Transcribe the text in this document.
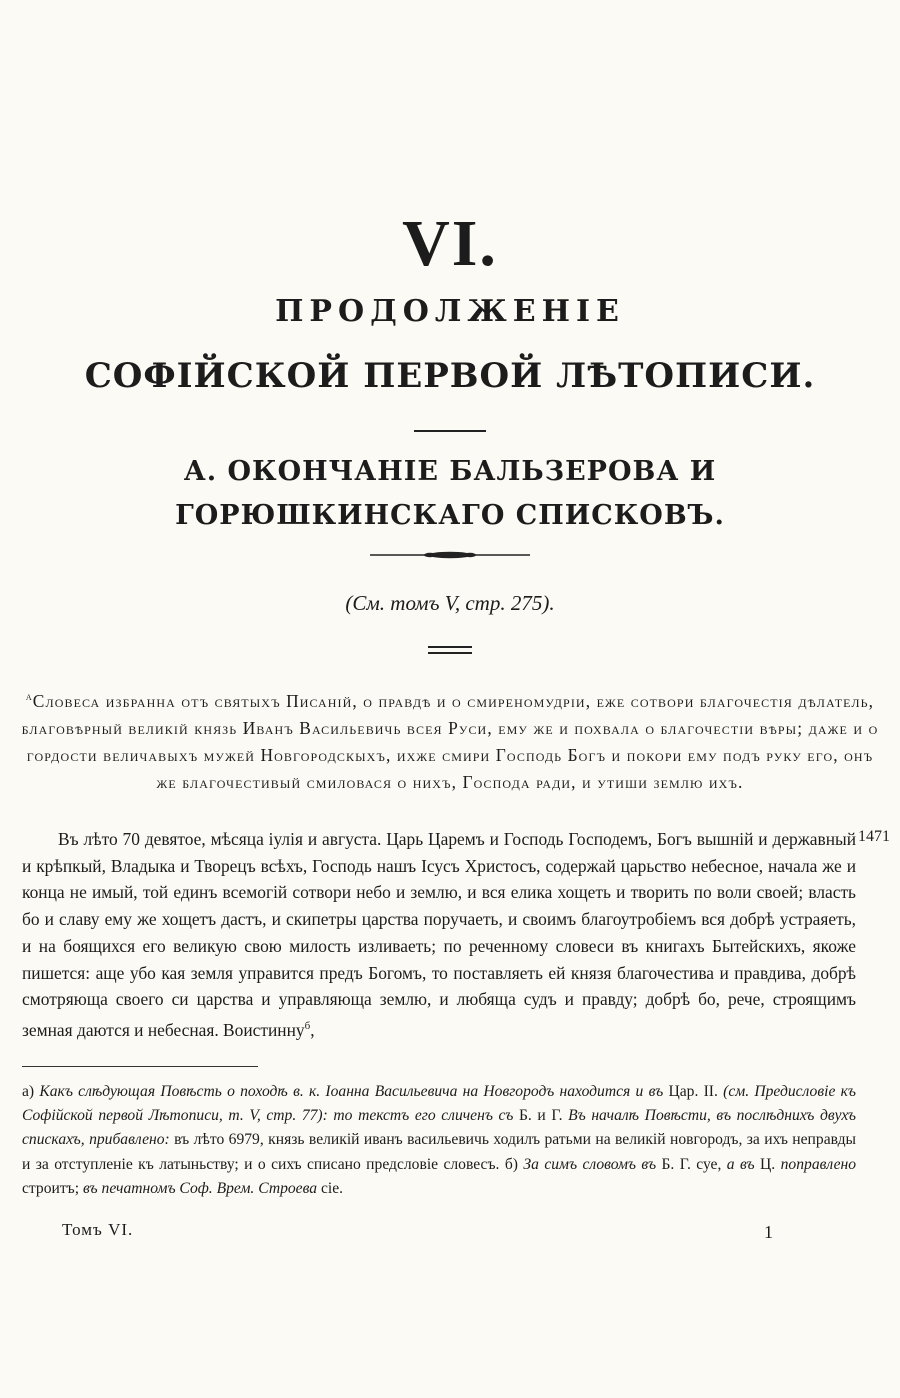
VI.
ПРОДОЛЖЕНІЕ
СОФІЙСКОЙ ПЕРВОЙ ЛѢТОПИСИ.
А. ОКОНЧАНІЕ БАЛЬЗЕРОВА И ГОРЮШКИНСКАГО СПИСКОВЪ.
(См. томъ V, стр. 275).
$^а$Словеса избранна отъ святыхъ Писаній, о правдѣ и о смиреномудріи, еже сотвори благочестія дѣлатель, благовѣрный великій князь Иванъ Васильевичь всея Руси, ему же и похвала о благочестіи вѣры; даже и о гордости величавыхъ мужей Новгородскыхъ, ихже смири Господь Богъ и покори ему подъ руку его, онъ же благочестивый смиловася о нихъ, Господа ради, и утиши землю ихъ.
1471
Въ лѣто 70 девятое, мѣсяца іулія и августа. Царь Царемъ и Господь Господемъ, Богъ вышній и державный и крѣпкый, Владыка и Творецъ всѣхъ, Господь нашъ Ісусъ Христосъ, содержай царьство небесное, начала же и конца не имый, той единъ всемогій сотвори небо и землю, и вся елика хощеть и творить по воли своей; власть бо и славу ему же хощетъ дастъ, и скипетры царства поручаеть, и своимъ благоутробіемъ вся добрѣ устраяеть, и на боящихся его великую свою милость изливаеть; по реченному словеси въ книгахъ Бытейскихъ, якоже пишется: аще убо кая земля управится предъ Богомъ, то поставляеть ей князя благочестива и правдива, добрѣ смотряюща своего си царства и управляюща землю, и любяща судъ и правду; добрѣ бо, рече, строящимъ земная даются и небесная. Воистинну$^б$,
а) Какъ слѣдующая Повѣсть о походѣ в. к. Іоанна Васильевича на Новгородъ находится и въ Цар. II. (см. Предисловіе къ Софійской первой Лѣтописи, т. V, стр. 77): то текстъ его сличенъ съ Б. и Г. Въ началѣ Повѣсти, въ послѣднихъ двухъ спискахъ, прибавлено: въ лѣто 6979, князь великій иванъ васильевичь ходилъ ратьми на великій новгородъ, за ихъ неправды и за отступленіе къ латыньству; и о сихъ списано предсловіе словесъ. б) За симъ словомъ въ Б. Г. суе, а въ Ц. поправлено строитъ; въ печатномъ Соф. Врем. Строева сіе.
Томъ VI.	1
